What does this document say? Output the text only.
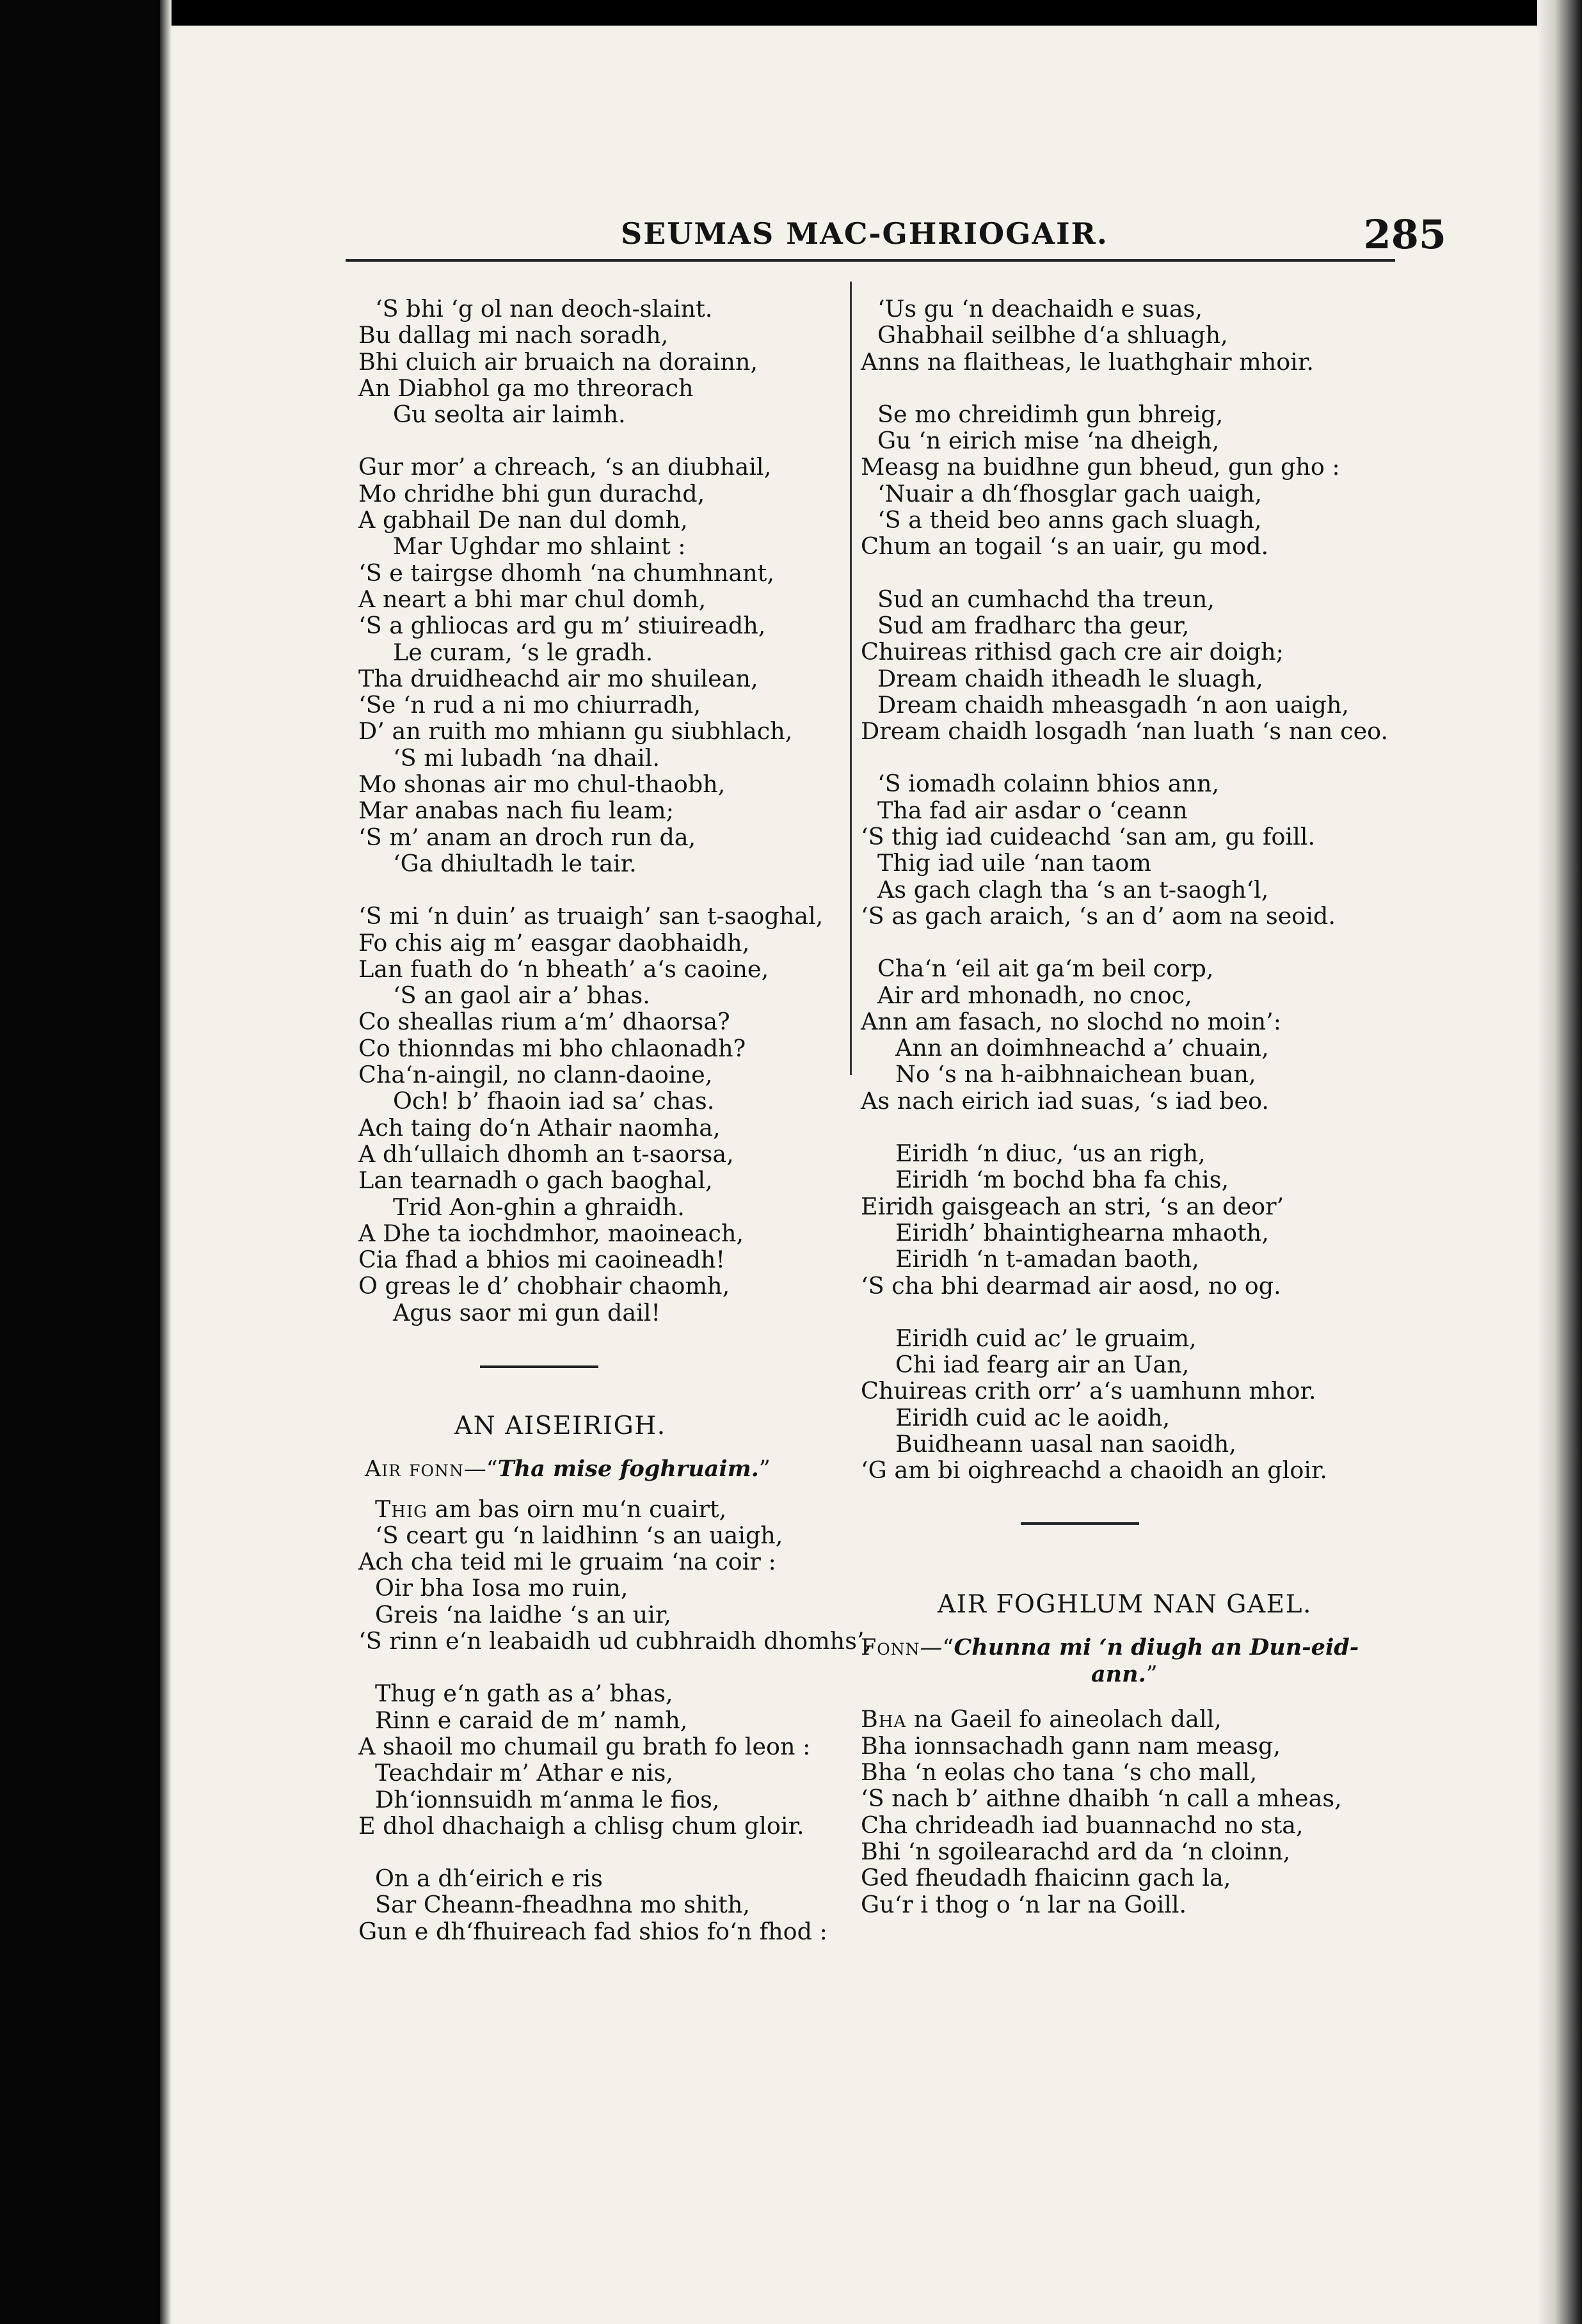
SEUMAS MAC-GHRIOGAIR.	285
‘S bhi ‘g ol nan deoch-slaint.
Bu dallag mi nach soradh,
Bhi cluich air bruaich na dorainn,
An Diabhol ga mo threorach
Gu seolta air laimh.
Gur mor’ a chreach, ‘s an diubhail,
Mo chridhe bhi gun durachd,
A gabhail De nan dul domh,
Mar Ughdar mo shlaint :
‘S e tairgse dhomh ‘na chumhnant,
A neart a bhi mar chul domh,
‘S a ghliocas ard gu m’ stiuireadh,
Le curam, ‘s le gradh.
Tha druidheachd air mo shuilean,
‘Se ‘n rud a ni mo chiurradh,
D’ an ruith mo mhiann gu siubhlach,
‘S mi lubadh ‘na dhail.
Mo shonas air mo chul-thaobh,
Mar anabas nach fiu leam;
‘S m’ anam an droch run da,
‘Ga dhiultadh le tair.
‘S mi ‘n duin’ as truaigh’ san t-saoghal,
Fo chis aig m’ easgar daobhaidh,
Lan fuath do ‘n bheath’ a‘s caoine,
‘S an gaol air a’ bhas.
Co sheallas rium a‘m’ dhaorsa?
Co thionndas mi bho chlaonadh?
Cha‘n-aingil, no clann-daoine,
Och! b’ fhaoin iad sa’ chas.
Ach taing do‘n Athair naomha,
A dh‘ullaich dhomh an t-saorsa,
Lan tearnadh o gach baoghal,
Trid Aon-ghin a ghraidh.
A Dhe ta iochdmhor, maoineach,
Cia fhad a bhios mi caoineadh!
O greas le d’ chobhair chaomh,
Agus saor mi gun dail!
AN AISEIRIGH.
Air fonn—“Tha mise foghruaim.”
Thig am bas oirn mu‘n cuairt,
‘S ceart gu ‘n laidhinn ‘s an uaigh,
Ach cha teid mi le gruaim ‘na coir :
Oir bha Iosa mo ruin,
Greis ‘na laidhe ‘s an uir,
‘S rinn e‘n leabaidh ud cubhraidh dhomhs’,
Thug e‘n gath as a’ bhas,
Rinn e caraid de m’ namh,
A shaoil mo chumail gu brath fo leon :
Teachdair m’ Athar e nis,
Dh‘ionnsuidh m‘anma le fios,
E dhol dhachaigh a chlisg chum gloir.
On a dh‘eirich e ris
Sar Cheann-fheadhna mo shith,
Gun e dh‘fhuireach fad shios fo‘n fhod :
‘Us gu ‘n deachaidh e suas,
Ghabhail seilbhe d‘a shluagh,
Anns na flaitheas, le luathghair mhoir.
Se mo chreidimh gun bhreig,
Gu ‘n eirich mise ‘na dheigh,
Measg na buidhne gun bheud, gun gho :
‘Nuair a dh‘fhosglar gach uaigh,
‘S a theid beo anns gach sluagh,
Chum an togail ‘s an uair, gu mod.
Sud an cumhachd tha treun,
Sud am fradharc tha geur,
Chuireas rithisd gach cre air doigh;
Dream chaidh itheadh le sluagh,
Dream chaidh mheasgadh ‘n aon uaigh,
Dream chaidh losgadh ‘nan luath ‘s nan ceo.
‘S iomadh colainn bhios ann,
Tha fad air asdar o ‘ceann
‘S thig iad cuideachd ‘san am, gu foill.
Thig iad uile ‘nan taom
As gach clagh tha ‘s an t-saogh‘l,
‘S as gach araich, ‘s an d’ aom na seoid.
Cha‘n ‘eil ait ga‘m beil corp,
Air ard mhonadh, no cnoc,
Ann am fasach, no slochd no moin’:
Ann an doimhneachd a’ chuain,
No ‘s na h-aibhnaichean buan,
As nach eirich iad suas, ‘s iad beo.
Eiridh ‘n diuc, ‘us an righ,
Eiridh ‘m bochd bha fa chis,
Eiridh gaisgeach an stri, ‘s an deor’
Eiridh’ bhaintighearna mhaoth,
Eiridh ‘n t-amadan baoth,
‘S cha bhi dearmad air aosd, no og.
Eiridh cuid ac’ le gruaim,
Chi iad fearg air an Uan,
Chuireas crith orr’ a‘s uamhunn mhor.
Eiridh cuid ac le aoidh,
Buidheann uasal nan saoidh,
‘G am bi oighreachd a chaoidh an gloir.
AIR FOGHLUM NAN GAEL.
Fonn—“Chunna mi ‘n diugh an Dun-eid-
ann.”
Bha na Gaeil fo aineolach dall,
Bha ionnsachadh gann nam measg,
Bha ‘n eolas cho tana ‘s cho mall,
‘S nach b’ aithne dhaibh ‘n call a mheas,
Cha chrideadh iad buannachd no sta,
Bhi ‘n sgoilearachd ard da ‘n cloinn,
Ged fheudadh fhaicinn gach la,
Gu‘r i thog o ‘n lar na Goill.
